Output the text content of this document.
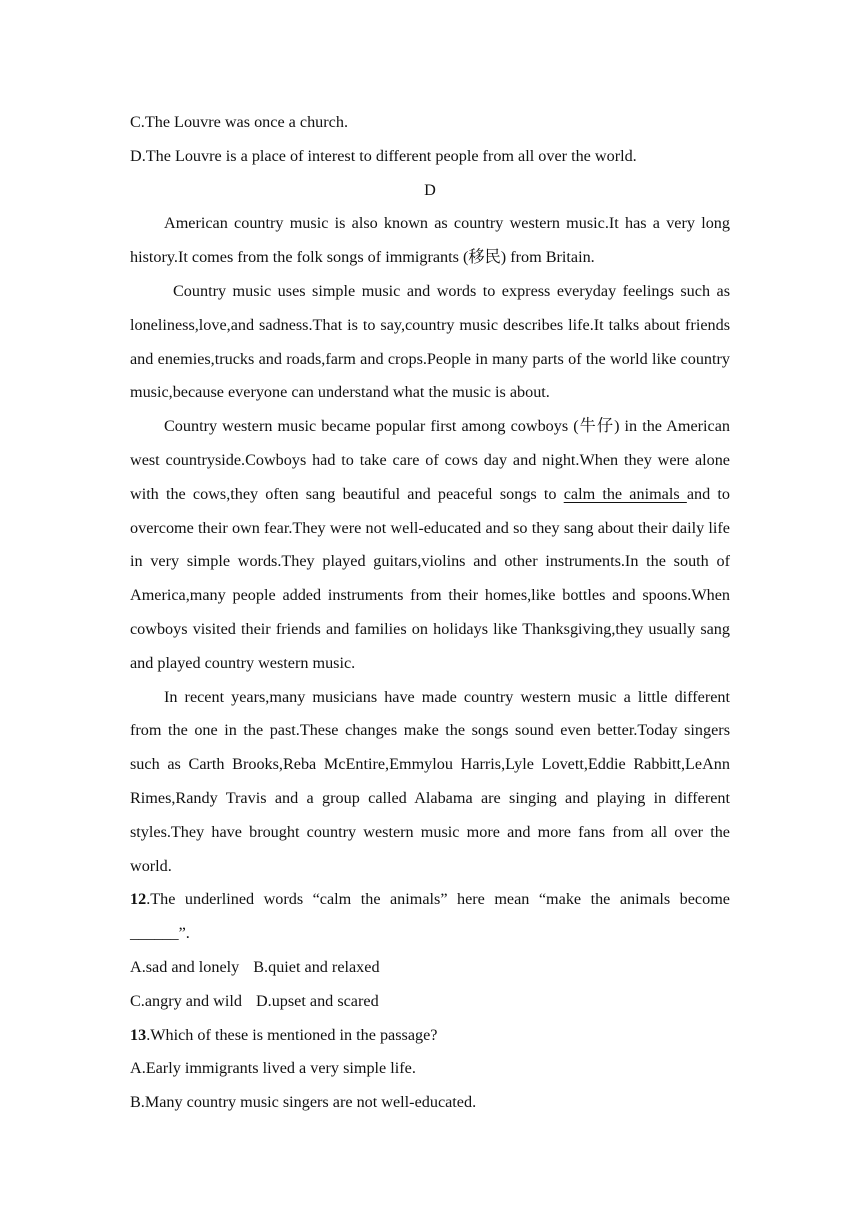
C.The Louvre was once a church.

D.The Louvre is a place of interest to different people from all over the world.

D

American country music is also known as country western music.It has a very long history.It comes from the folk songs of immigrants (移民) from Britain.

Country music uses simple music and words to express everyday feelings such as loneliness,love,and sadness.That is to say,country music describes life.It talks about friends and enemies,trucks and roads,farm and crops.People in many parts of the world like country music,because everyone can understand what the music is about.

Country western music became popular first among cowboys (牛仔) in the American west countryside.Cowboys had to take care of cows day and night.When they were alone with the cows,they often sang beautiful and peaceful songs to calm the animals and to overcome their own fear.They were not well-educated and so they sang about their daily life in very simple words.They played guitars,violins and other instruments.In the south of America,many people added instruments from their homes,like bottles and spoons.When cowboys visited their friends and families on holidays like Thanksgiving,they usually sang and played country western music.

In recent years,many musicians have made country western music a little different from the one in the past.These changes make the songs sound even better.Today singers such as Carth Brooks,Reba McEntire,Emmylou Harris,Lyle Lovett,Eddie Rabbitt,LeAnn Rimes,Randy Travis and a group called Alabama are singing and playing in different styles.They have brought country western music more and more fans from all over the world.

12.The underlined words “calm the animals” here mean “make the animals become ______”.

A.sad and lonely B.quiet and relaxed

C.angry and wild D.upset and scared

13.Which of these is mentioned in the passage?

A.Early immigrants lived a very simple life.

B.Many country music singers are not well-educated.
